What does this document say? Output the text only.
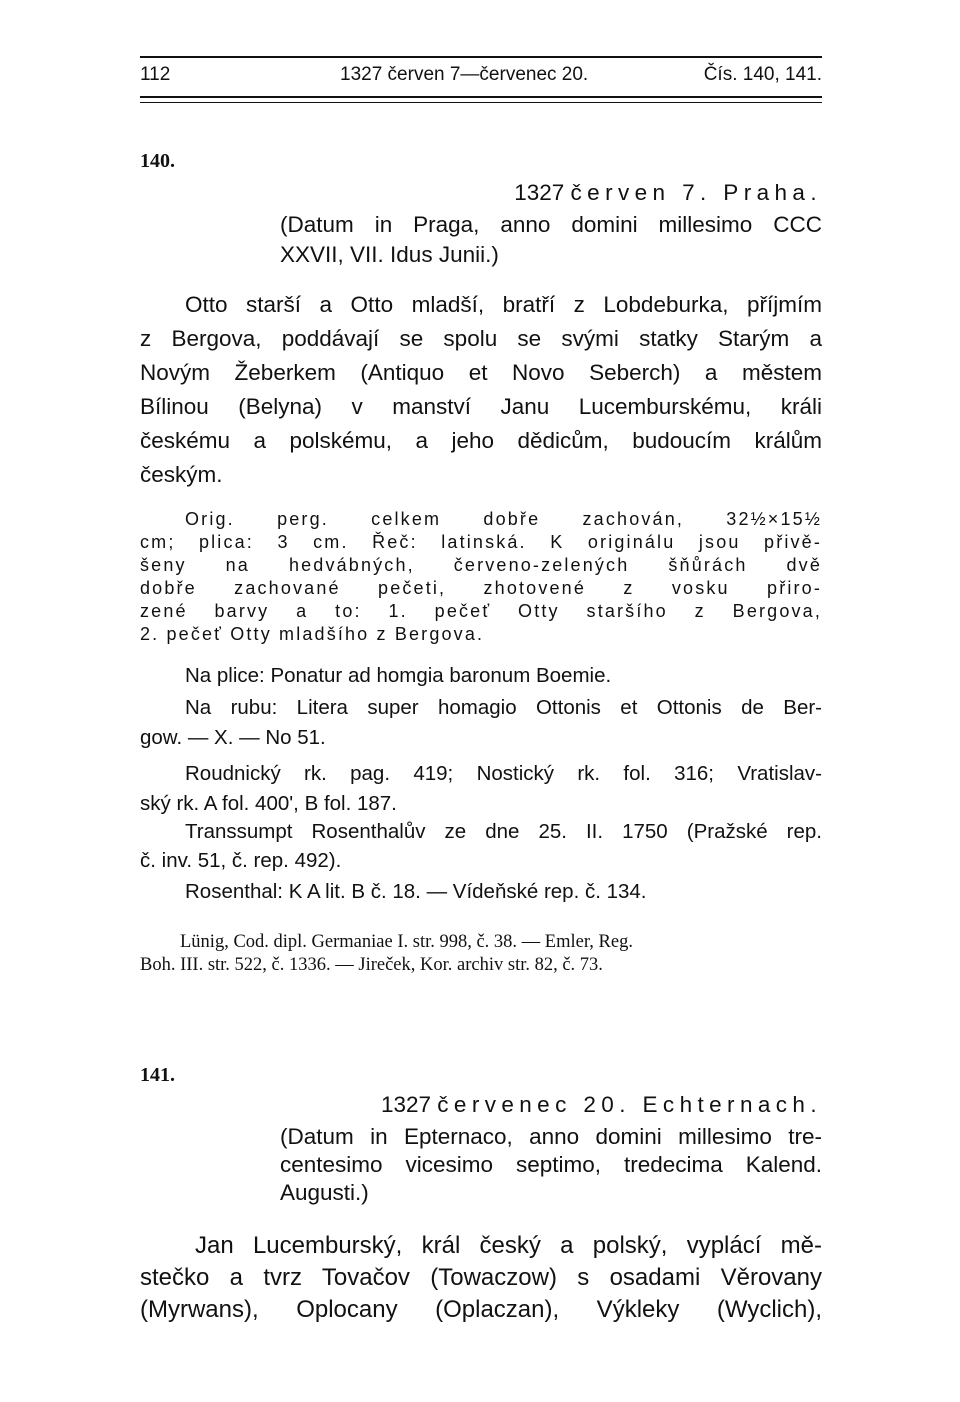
112	1327 červen 7—červenec 20.	Čís. 140, 141.
140.
1327 červen 7. Praha.
(Datum in Praga, anno domini millesimo CCC
XXVII, VII. Idus Junii.)
Otto starší a Otto mladší, bratří z Lobdeburka, příjmím
z Bergova, poddávají se spolu se svými statky Starým a
Novým Žeberkem (Antiquo et Novo Seberch) a městem
Bílinou (Belyna) v manství Janu Lucemburskému, králi
českému a polskému, a jeho dědicům, budoucím králům
českým.
Orig. perg. celkem dobře zachován, 32½×15½
cm; plica: 3 cm. Řeč: latinská. K originálu jsou přivě-
šeny na hedvábných, červeno-zelených šňůrách dvě
dobře zachované pečeti, zhotovené z vosku přiro-
zené barvy a to: 1. pečeť Otty staršího z Bergova,
2. pečeť Otty mladšího z Bergova.
Na plice: Ponatur ad homgia baronum Boemie.
Na rubu: Litera super homagio Ottonis et Ottonis de Ber-
gow. — X. — No 51.
Roudnický rk. pag. 419; Nostický rk. fol. 316; Vratislav-
ský rk. A fol. 400', B fol. 187.
Transsumpt Rosenthalův ze dne 25. II. 1750 (Pražské rep.
č. inv. 51, č. rep. 492).
Rosenthal: K A lit. B č. 18. — Vídeňské rep. č. 134.
Lünig, Cod. dipl. Germaniae I. str. 998, č. 38. — Emler, Reg.
Boh. III. str. 522, č. 1336. — Jireček, Kor. archiv str. 82, č. 73.
141.
1327 červenec 20. Echternach.
(Datum in Epternaco, anno domini millesimo tre-
centesimo vicesimo septimo, tredecima Kalend.
Augusti.)
Jan Lucemburský, král český a polský, vyplácí mě-
stečko a tvrz Tovačov (Towaczow) s osadami Věrovany
(Myrwans), Oplocany (Oplaczan), Výkleky (Wyclich),
